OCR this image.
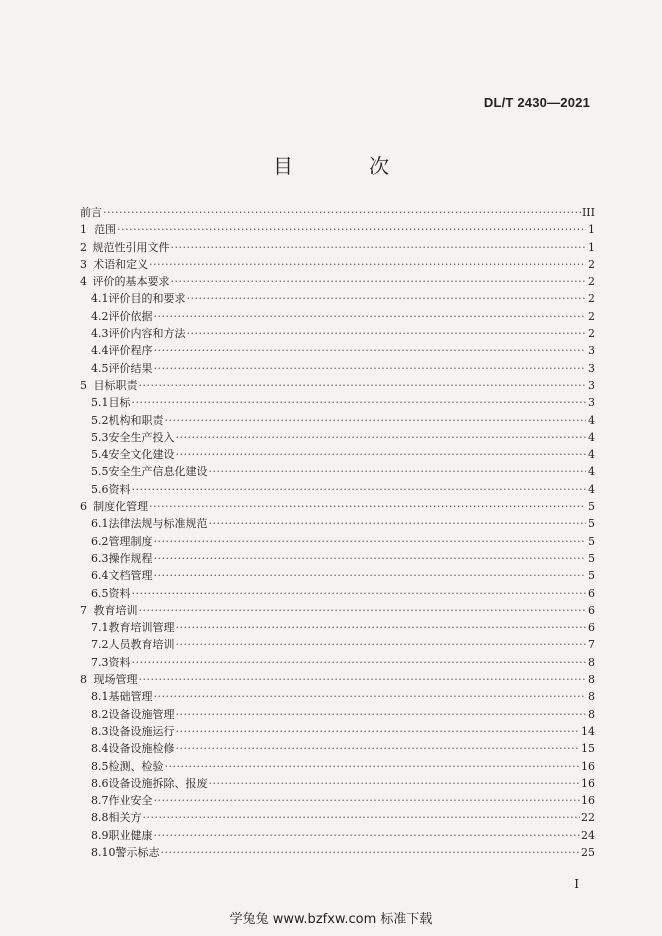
DL/T 2430—2021
目　次
前言 ·····	III
1 范围 ·····	1
2 规范性引用文件 ·····	1
3 术语和定义 ·····	2
4 评价的基本要求 ·····	2
4.1 评价目的和要求 ·····	2
4.2 评价依据 ·····	2
4.3 评价内容和方法 ·····	2
4.4 评价程序 ·····	3
4.5 评价结果 ·····	3
5 目标职责 ·····	3
5.1 目标 ·····	3
5.2 机构和职责 ·····	4
5.3 安全生产投入 ·····	4
5.4 安全文化建设 ·····	4
5.5 安全生产信息化建设 ·····	4
5.6 资料 ·····	4
6 制度化管理 ·····	5
6.1 法律法规与标准规范 ·····	5
6.2 管理制度 ·····	5
6.3 操作规程 ·····	5
6.4 文档管理 ·····	5
6.5 资料 ·····	6
7 教育培训 ·····	6
7.1 教育培训管理 ·····	6
7.2 人员教育培训 ·····	7
7.3 资料 ·····	8
8 现场管理 ·····	8
8.1 基础管理 ·····	8
8.2 设备设施管理 ·····	8
8.3 设备设施运行 ·····	14
8.4 设备设施检修 ·····	15
8.5 检测、检验 ·····	16
8.6 设备设施拆除、报废 ·····	16
8.7 作业安全 ·····	16
8.8 相关方 ·····	22
8.9 职业健康 ·····	24
8.10 警示标志 ·····	25
I
学兔兔 www.bzfxw.com 标准下载
